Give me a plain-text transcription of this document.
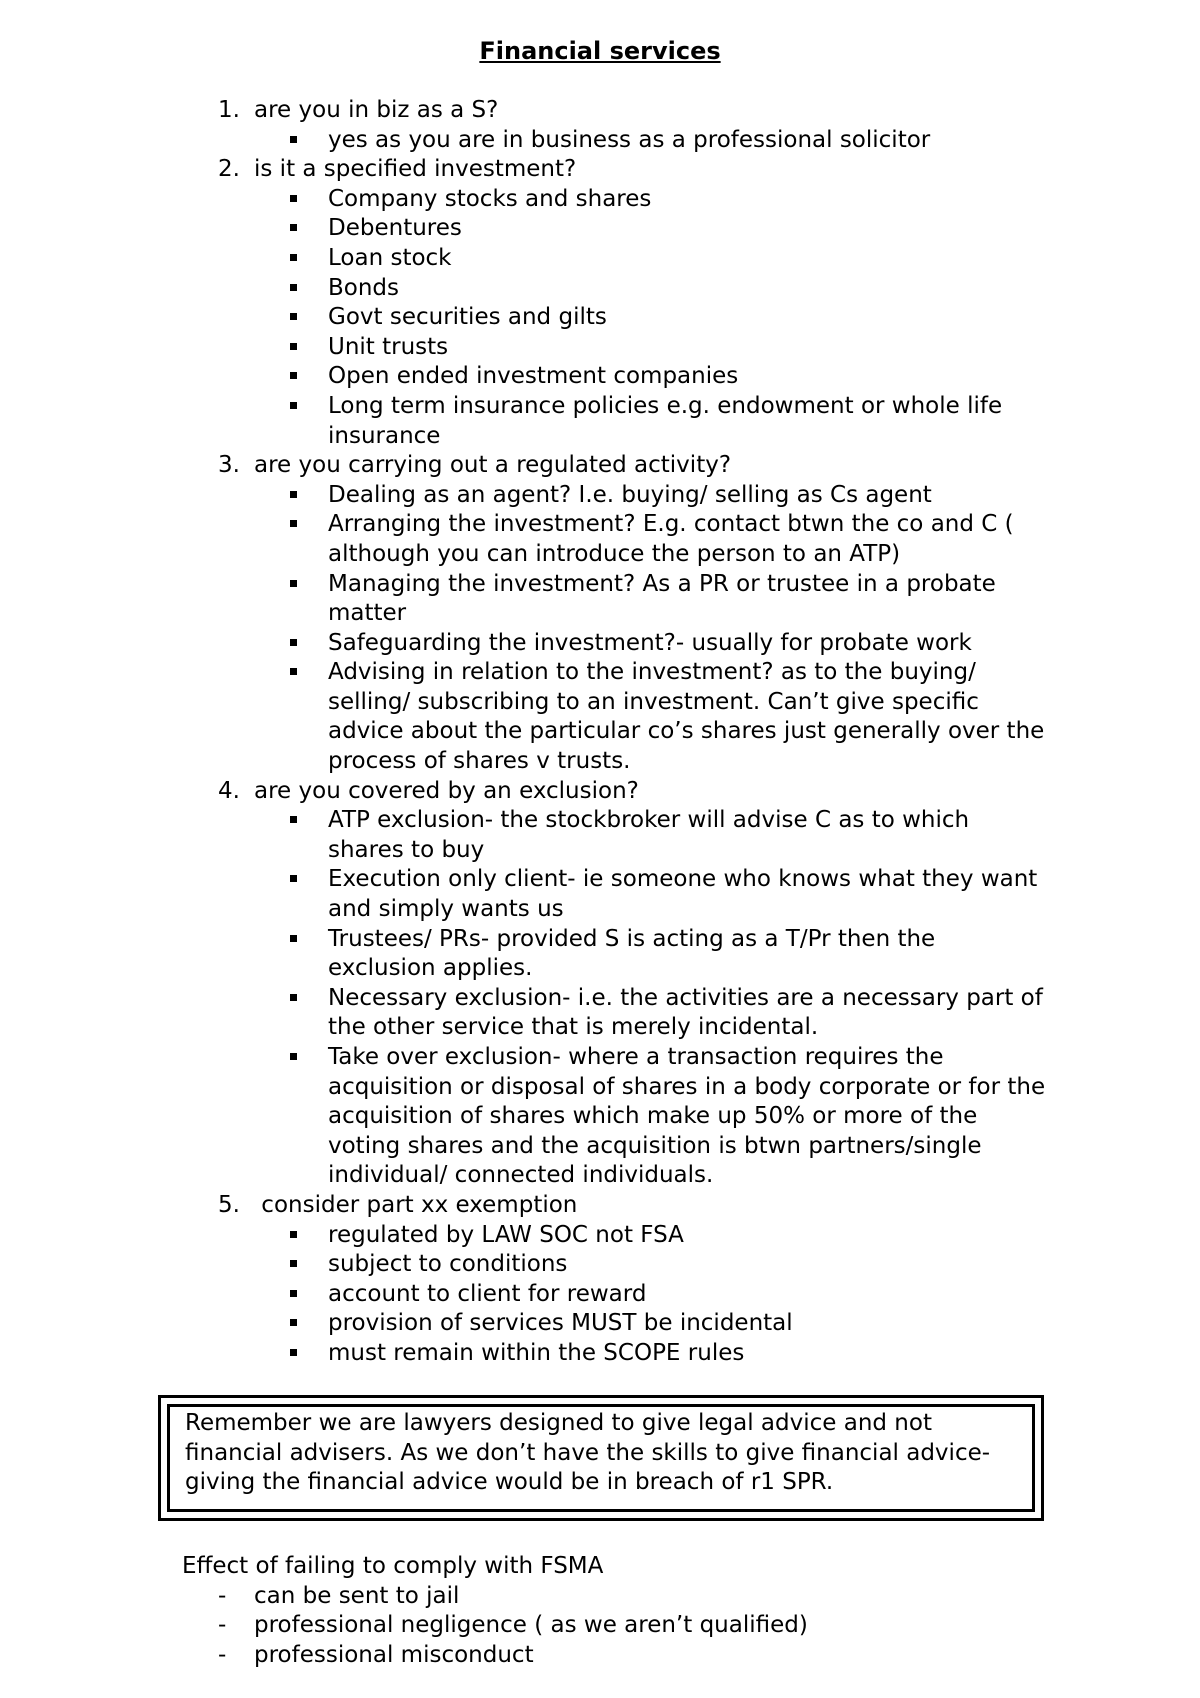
Financial services
1. are you in biz as a S?
yes as you are in business as a professional solicitor
2. is it a specified investment?
Company stocks and shares
Debentures
Loan stock
Bonds
Govt securities and gilts
Unit trusts
Open ended investment companies
Long term insurance policies e.g. endowment or whole life insurance
3. are you carrying out a regulated activity?
Dealing as an agent? I.e. buying/ selling as Cs agent
Arranging the investment? E.g. contact btwn the co and C ( although you can introduce the person to an ATP)
Managing the investment? As a PR or trustee in a probate matter
Safeguarding the investment?- usually for probate work
Advising in relation to the investment? as to the buying/ selling/ subscribing to an investment. Can’t give specific advice about the particular co’s shares just generally over the process of shares v trusts.
4. are you covered by an exclusion?
ATP exclusion- the stockbroker will advise C as to which shares to buy
Execution only client- ie someone who knows what they want and simply wants us
Trustees/ PRs- provided S is acting as a T/Pr then the exclusion applies.
Necessary exclusion- i.e. the activities are a necessary part of the other service that is merely incidental.
Take over exclusion- where a transaction requires the acquisition or disposal of shares in a body corporate or for the acquisition of shares which make up 50% or more of the voting shares and the acquisition is btwn partners/single individual/ connected individuals.
5. consider part xx exemption
regulated by LAW SOC not FSA
subject to conditions
account to client for reward
provision of services MUST be incidental
must remain within the SCOPE rules

Remember we are lawyers designed to give legal advice and not financial advisers. As we don’t have the skills to give financial advice- giving the financial advice would be in breach of r1 SPR.

Effect of failing to comply with FSMA
- can be sent to jail
- professional negligence ( as we aren’t qualified)
- professional misconduct
